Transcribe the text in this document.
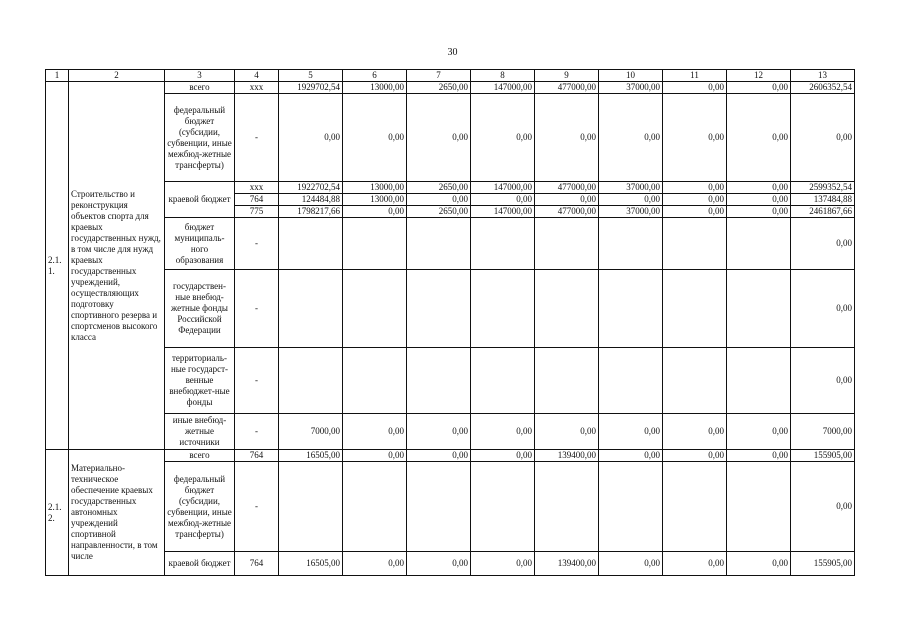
30
1	2	3	4	5	6	7	8	9	10	11	12	13
2.1. 1.	Строительство и реконструкция объектов спорта для краевых государственных нужд, в том числе для нужд краевых государственных учреждений, осуществляющих подготовку спортивного резерва и спортсменов высокого класса	всего	ххх	1929702,54	13000,00	2650,00	147000,00	477000,00	37000,00	0,00	0,00	2606352,54
		федеральный бюджет (субсидии, субвенции, иные межбюд-жетные трансферты)	-	0,00	0,00	0,00	0,00	0,00	0,00	0,00	0,00	0,00
		краевой бюджет	ххх	1922702,54	13000,00	2650,00	147000,00	477000,00	37000,00	0,00	0,00	2599352,54
			764	124484,88	13000,00	0,00	0,00	0,00	0,00	0,00	0,00	137484,88
			775	1798217,66	0,00	2650,00	147000,00	477000,00	37000,00	0,00	0,00	2461867,66
		бюджет муниципаль-ного образования	-									0,00
		государствен-ные внебюд-жетные фонды Российской Федерации	-									0,00
		территориаль-ные государст-венные внебюджет-ные фонды	-									0,00
		иные внебюд-жетные источники	-	7000,00	0,00	0,00	0,00	0,00	0,00	0,00	0,00	7000,00
2.1. 2.	Материально-техническое обеспечение краевых государственных автономных учреждений спортивной направленности, в том числе	всего	764	16505,00	0,00	0,00	0,00	139400,00	0,00	0,00	0,00	155905,00
		федеральный бюджет (субсидии, субвенции, иные межбюд-жетные трансферты)	-									0,00
		краевой бюджет	764	16505,00	0,00	0,00	0,00	139400,00	0,00	0,00	0,00	155905,00
